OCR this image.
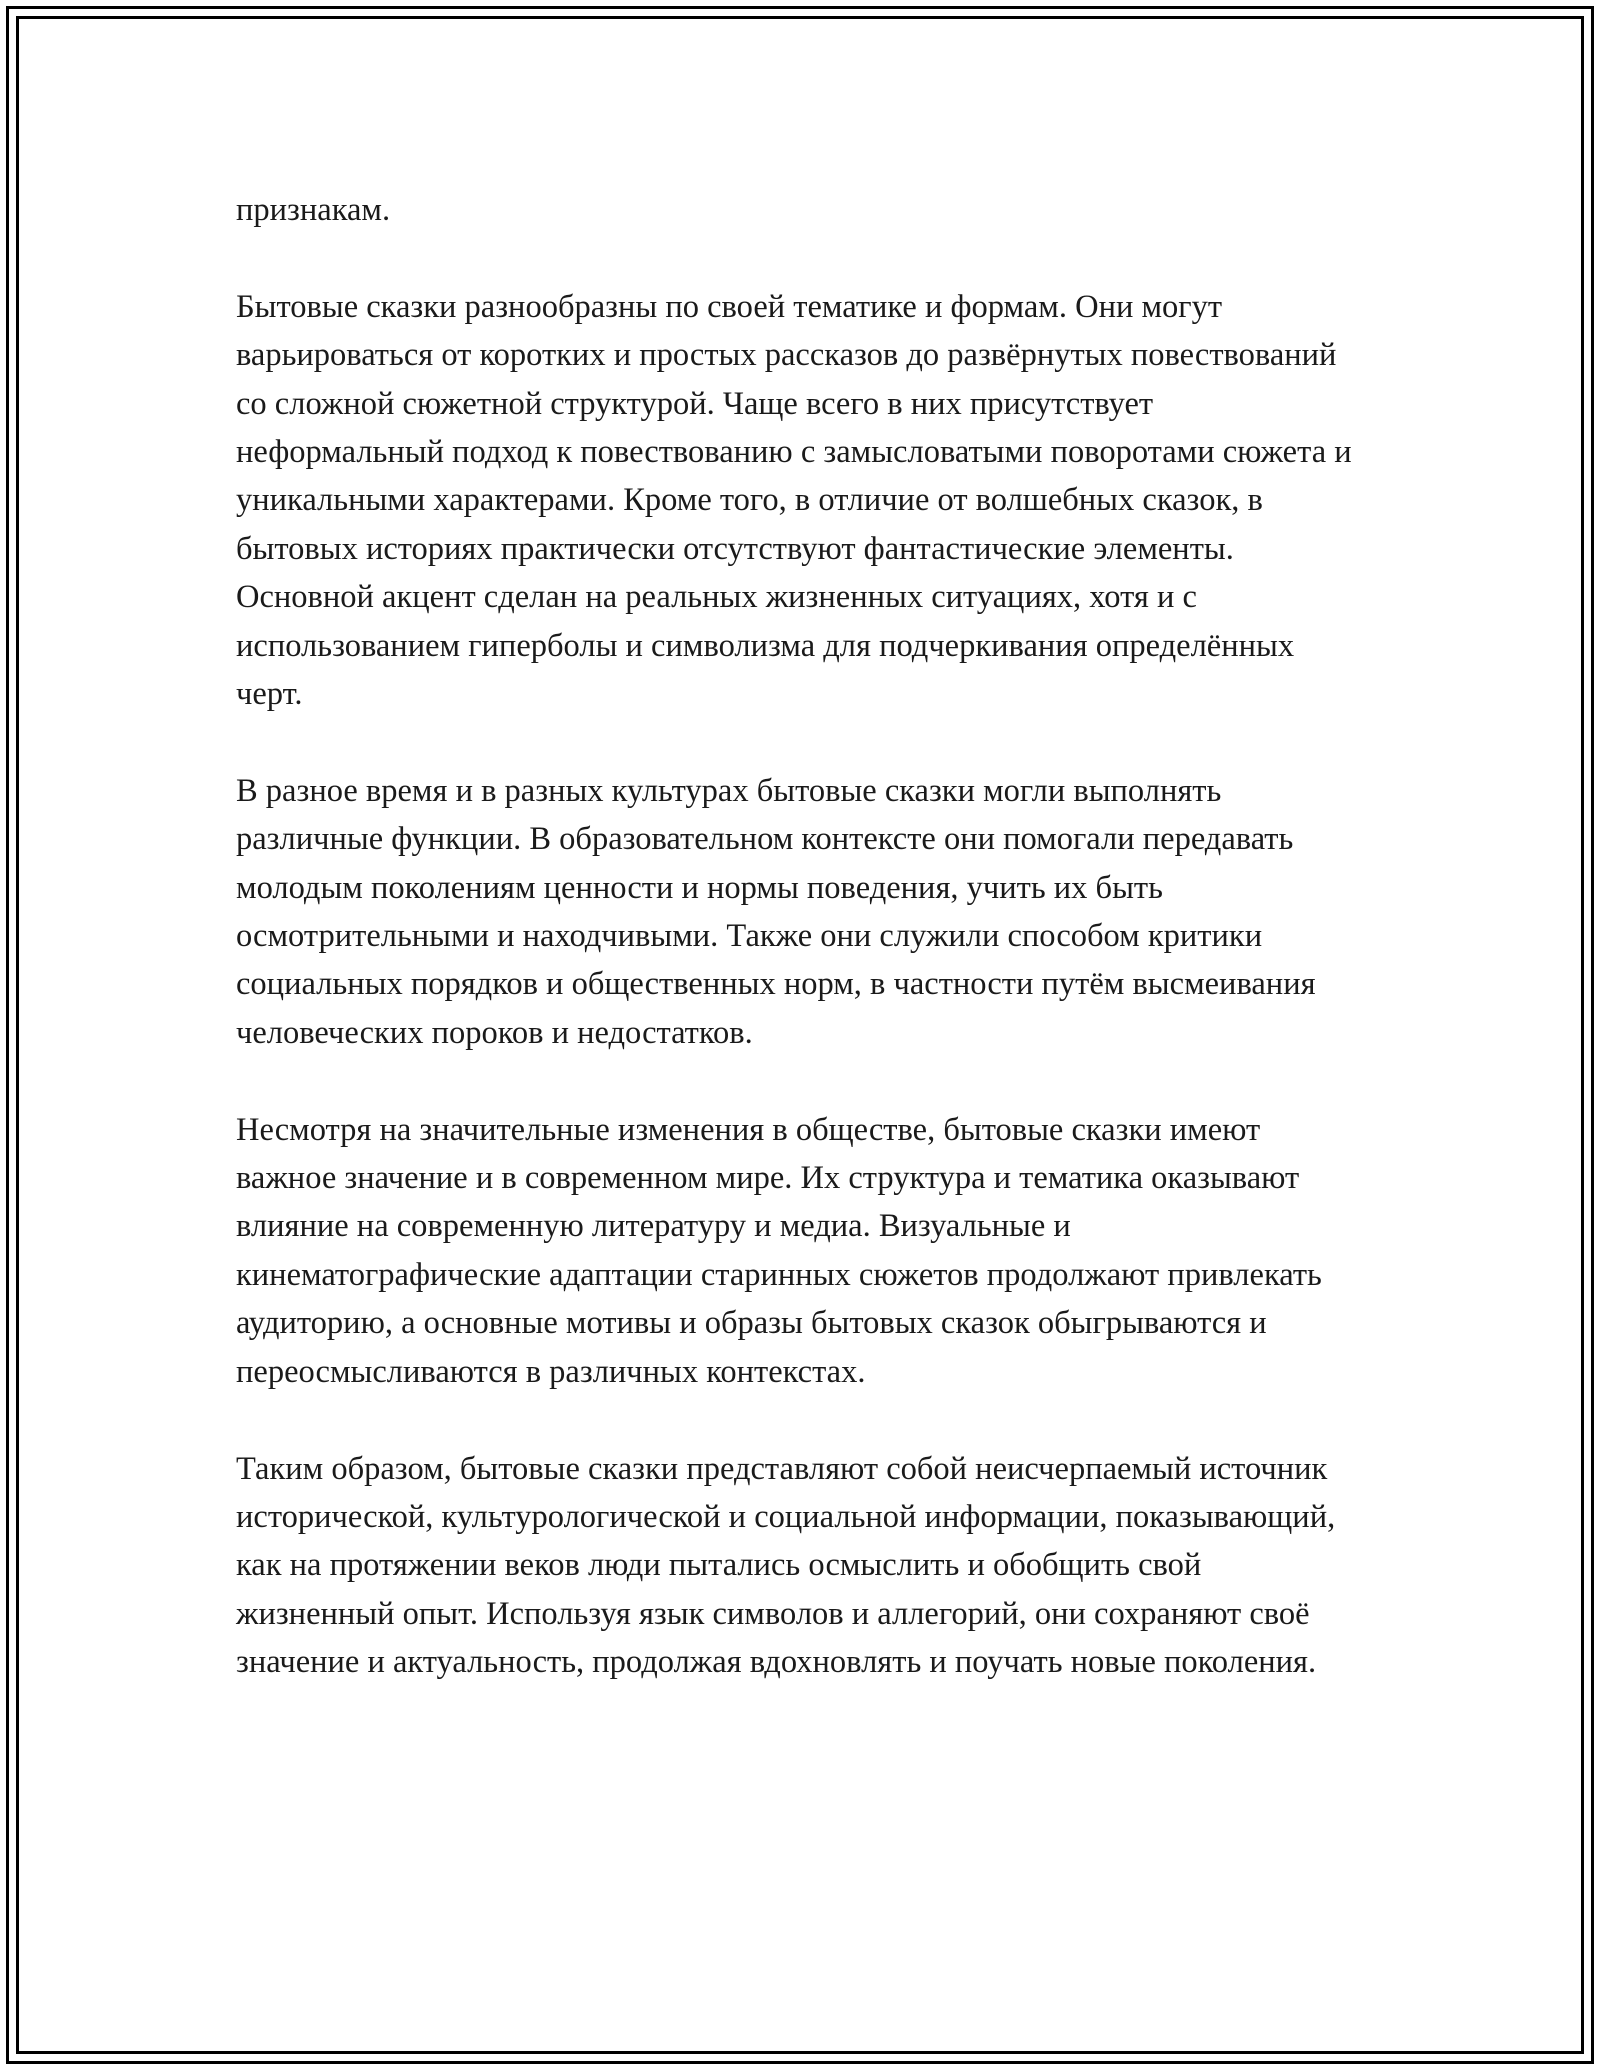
признакам.

Бытовые сказки разнообразны по своей тематике и формам. Они могут варьироваться от коротких и простых рассказов до развёрнутых повествований со сложной сюжетной структурой. Чаще всего в них присутствует неформальный подход к повествованию с замысловатыми поворотами сюжета и уникальными характерами. Кроме того, в отличие от волшебных сказок, в бытовых историях практически отсутствуют фантастические элементы. Основной акцент сделан на реальных жизненных ситуациях, хотя и с использованием гиперболы и символизма для подчеркивания определённых черт.

В разное время и в разных культурах бытовые сказки могли выполнять различные функции. В образовательном контексте они помогали передавать молодым поколениям ценности и нормы поведения, учить их быть осмотрительными и находчивыми. Также они служили способом критики социальных порядков и общественных норм, в частности путём высмеивания человеческих пороков и недостатков.

Несмотря на значительные изменения в обществе, бытовые сказки имеют важное значение и в современном мире. Их структура и тематика оказывают влияние на современную литературу и медиа. Визуальные и кинематографические адаптации старинных сюжетов продолжают привлекать аудиторию, а основные мотивы и образы бытовых сказок обыгрываются и переосмысливаются в различных контекстах.

Таким образом, бытовые сказки представляют собой неисчерпаемый источник исторической, культурологической и социальной информации, показывающий, как на протяжении веков люди пытались осмыслить и обобщить свой жизненный опыт. Используя язык символов и аллегорий, они сохраняют своё значение и актуальность, продолжая вдохновлять и поучать новые поколения.
